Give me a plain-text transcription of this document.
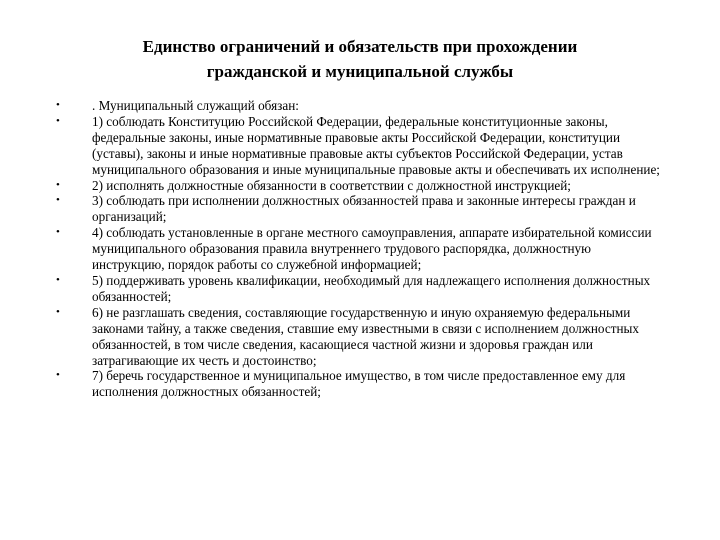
Единство ограничений и обязательств при прохождении
гражданской и муниципальной службы
•	. Муниципальный служащий обязан:
•	1) соблюдать Конституцию Российской Федерации, федеральные конституционные законы, федеральные законы, иные нормативные правовые акты Российской Федерации, конституции (уставы), законы и иные нормативные правовые акты субъектов Российской Федерации, устав муниципального образования и иные муниципальные правовые акты и обеспечивать их исполнение;
•	2) исполнять должностные обязанности в соответствии с должностной инструкцией;
•	3) соблюдать при исполнении должностных обязанностей права и законные интересы граждан и организаций;
•	4) соблюдать установленные в органе местного самоуправления, аппарате избирательной комиссии муниципального образования правила внутреннего трудового распорядка, должностную инструкцию, порядок работы со служебной информацией;
•	5) поддерживать уровень квалификации, необходимый для надлежащего исполнения должностных обязанностей;
•	6) не разглашать сведения, составляющие государственную и иную охраняемую федеральными законами тайну, а также сведения, ставшие ему известными в связи с исполнением должностных обязанностей, в том числе сведения, касающиеся частной жизни и здоровья граждан или затрагивающие их честь и достоинство;
•	7) беречь государственное и муниципальное имущество, в том числе предоставленное ему для исполнения должностных обязанностей;
